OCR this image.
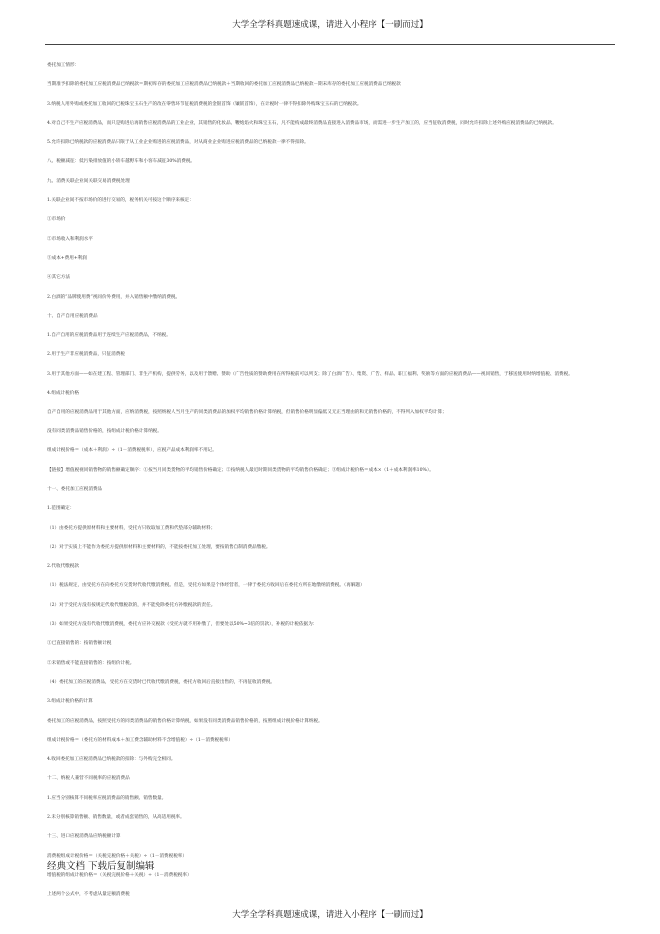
大学全学科真题速成课，请进入小程序【一刷而过】
委托加工情形：
当期准予扣除的委托加工应税消费品已纳税款＝期初库存的委托加工应税消费品已纳税款＋当期收回的委托加工应税消费品已纳税款－期末库存的委托加工应税消费品已纳税款
3.纳税人用外购或委托加工收回的已税珠宝玉石生产的改在零售环节征税消费税的金银首饰（镶嵌首饰），在计税时一律不得扣除外购珠宝玉石的已纳税款。
4.对自己不生产应税消费品，而只是购进后再销售应税消费品的工业企业，其销售的化妆品、鞭炮焰火和珠宝玉石，凡不能构成最终消费品直接进入消费品市场，而需进一步生产加工的，应当征收消费税，同时允许扣除上述外购应税消费品的已纳税款。
5.允许扣除已纳税款的应税消费品只限于从工业企业购进的应税消费品，对从商业企业购进应税消费品的已纳税款一律不得扣除。
八、税额减征：低污染排放值的小轿车越野车和小客车减征30%消费税。
九、消费关联企业间关联交易消费税处理
1.关联企业间不按市场价的进行交易的，税务机关可按这个顺序来核定：
①市场价
②市场收入和利润水平
③成本+费用+利润
④其它方法
2.白酒的“品牌使用费”视同价外费用，并入销售额中缴纳消费税。
十、自产自用应税消费品
1.自产自用的应税消费品用于连续生产应税消费品，不纳税。
2.用于生产非应税消费品，只征消费税
3.用于其他方面——如在建工程、管理部门、非生产机构，提供劳务，以及用于馈赠、赞助（广告性质的赞助费用在所得税前可以列支；除了白酒广告）、集资、广告、样品、职工福利、奖励等方面的应税消费品——视同销售，于移送使用时纳增值税、消费税。
4.组成计税价格
自产自用的应税消费品用于其他方面，应纳消费税，按照纳税人当月生产的同类消费品的加权平均销售价格计算纳税，但销售价格明显偏低又无正当理由的和无销售价格的，不得列入加权平均计算；
没有同类消费品销售价格的，按组成计税价格计算纳税。
组成计税价格＝（成本＋利润）÷（1－消费税税率），应税产品成本利润率不用记。
【链接】增值税视同销售物的销售额确定顺序：①按当月同类货物的平均销售价格确定；②按纳税人最近时期同类货物的平均销售价格确定；③组成计税价格＝成本×（1＋成本利润率10%）。
十一、委托加工应税消费品
1.范围确定：
（1）由委托方提供原材料和主要材料，受托方只收取加工费和代垫部分辅助材料；
（2）对于实质上不能作为委托方提供原材料和主要材料的，不能按委托加工处理，要按销售自制消费品缴税。
2.代收代缴税款
（1）税法规定，由受托方在向委托方交货时代收代缴消费税。但是，受托方如果是个体经营者，一律于委托方收回后在委托方所在地缴纳消费税。（再解题）
（2）对于受托方没有按规定代收代缴税款的，并不能免除委托方补缴税款的责任。
（3）如果受托方没有代收代缴消费税，委托方应补交税款（受托方就不用补缴了，但要处以50%~3倍的罚款），补税的计税依据为：
①已直接销售的：按销售额计税
②未销售或不能直接销售的：按组价计税。
（4）委托加工的应税消费品，受托方在交货时已代收代缴消费税，委托方收回后直接出售的，不再征收消费税。
3.组成计税价格的计算
委托加工的应税消费品，按照受托方的同类消费品的销售价格计算纳税，如果没有同类消费品销售价格的，按照组成计税价格计算纳税。
组成计税价格＝（委托方的材料成本＋加工费含辅助材料不含增值税）÷（1－消费税税率）
4.收回委托加工应税消费品已纳税款的扣除：与外购完全相同。
十二、纳税人兼营不同税率的应税消费品
1.应当分别核算不同税率应税消费品的销售额、销售数量。
2.未分别核算销售额、销售数量，或者成套销售的，从高适用税率。
十三、进口应税消费品应纳税额计算
消费税组成计税价格＝（关税完税价格＋关税）÷（1－消费税税率）
增值税的组成计税价格＝（关税完税价格＋关税）÷（1－消费税税率）
上述两个公式中，不考虑从量定额消费税
经典文档 下载后复制编辑
大学全学科真题速成课，请进入小程序【一刷而过】
